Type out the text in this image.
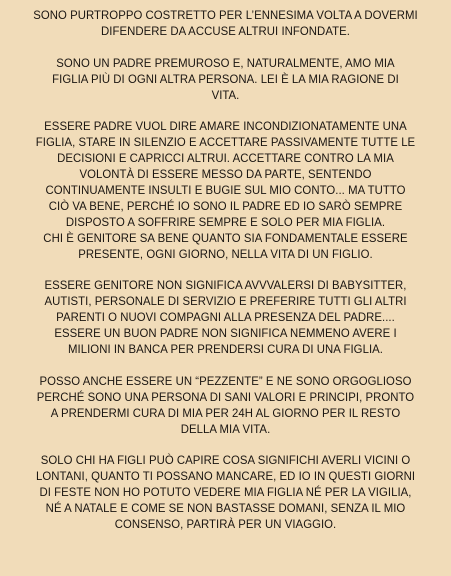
SONO PURTROPPO COSTRETTO PER L’ENNESIMA VOLTA A DOVERMI
DIFENDERE DA ACCUSE ALTRUI INFONDATE.

SONO UN PADRE PREMUROSO E, NATURALMENTE, AMO MIA
FIGLIA PIÙ DI OGNI ALTRA PERSONA. LEI È LA MIA RAGIONE DI
VITA.

ESSERE PADRE VUOL DIRE AMARE INCONDIZIONATAMENTE UNA
FIGLIA, STARE IN SILENZIO E ACCETTARE PASSIVAMENTE TUTTE LE
DECISIONI E CAPRICCI ALTRUI. ACCETTARE CONTRO LA MIA
VOLONTÀ DI ESSERE MESSO DA PARTE, SENTENDO
CONTINUAMENTE INSULTI E BUGIE SUL MIO CONTO... MA TUTTO
CIÒ VA BENE, PERCHÉ IO SONO IL PADRE ED IO SARÒ SEMPRE
DISPOSTO A SOFFRIRE SEMPRE E SOLO PER MIA FIGLIA.
CHI È GENITORE SA BENE QUANTO SIA FONDAMENTALE ESSERE
PRESENTE, OGNI GIORNO, NELLA VITA DI UN FIGLIO.

ESSERE GENITORE NON SIGNIFICA AVVVALERSI DI BABYSITTER,
AUTISTI, PERSONALE DI SERVIZIO E PREFERIRE TUTTI GLI ALTRI
PARENTI O NUOVI COMPAGNI ALLA PRESENZA DEL PADRE....
ESSERE UN BUON PADRE NON SIGNIFICA NEMMENO AVERE I
MILIONI IN BANCA PER PRENDERSI CURA DI UNA FIGLIA.

POSSO ANCHE ESSERE UN “PEZZENTE” E NE SONO ORGOGLIOSO
PERCHÉ SONO UNA PERSONA DI SANI VALORI E PRINCIPI, PRONTO
A PRENDERMI CURA DI MIA PER 24H AL GIORNO PER IL RESTO
DELLA MIA VITA.

SOLO CHI HA FIGLI PUÒ CAPIRE COSA SIGNIFICHI AVERLI VICINI O
LONTANI, QUANTO TI POSSANO MANCARE, ED IO IN QUESTI GIORNI
DI FESTE NON HO POTUTO VEDERE MIA FIGLIA NÉ PER LA VIGILIA,
NÉ A NATALE E COME SE NON BASTASSE DOMANI, SENZA IL MIO
CONSENSO, PARTIRÀ PER UN VIAGGIO.
